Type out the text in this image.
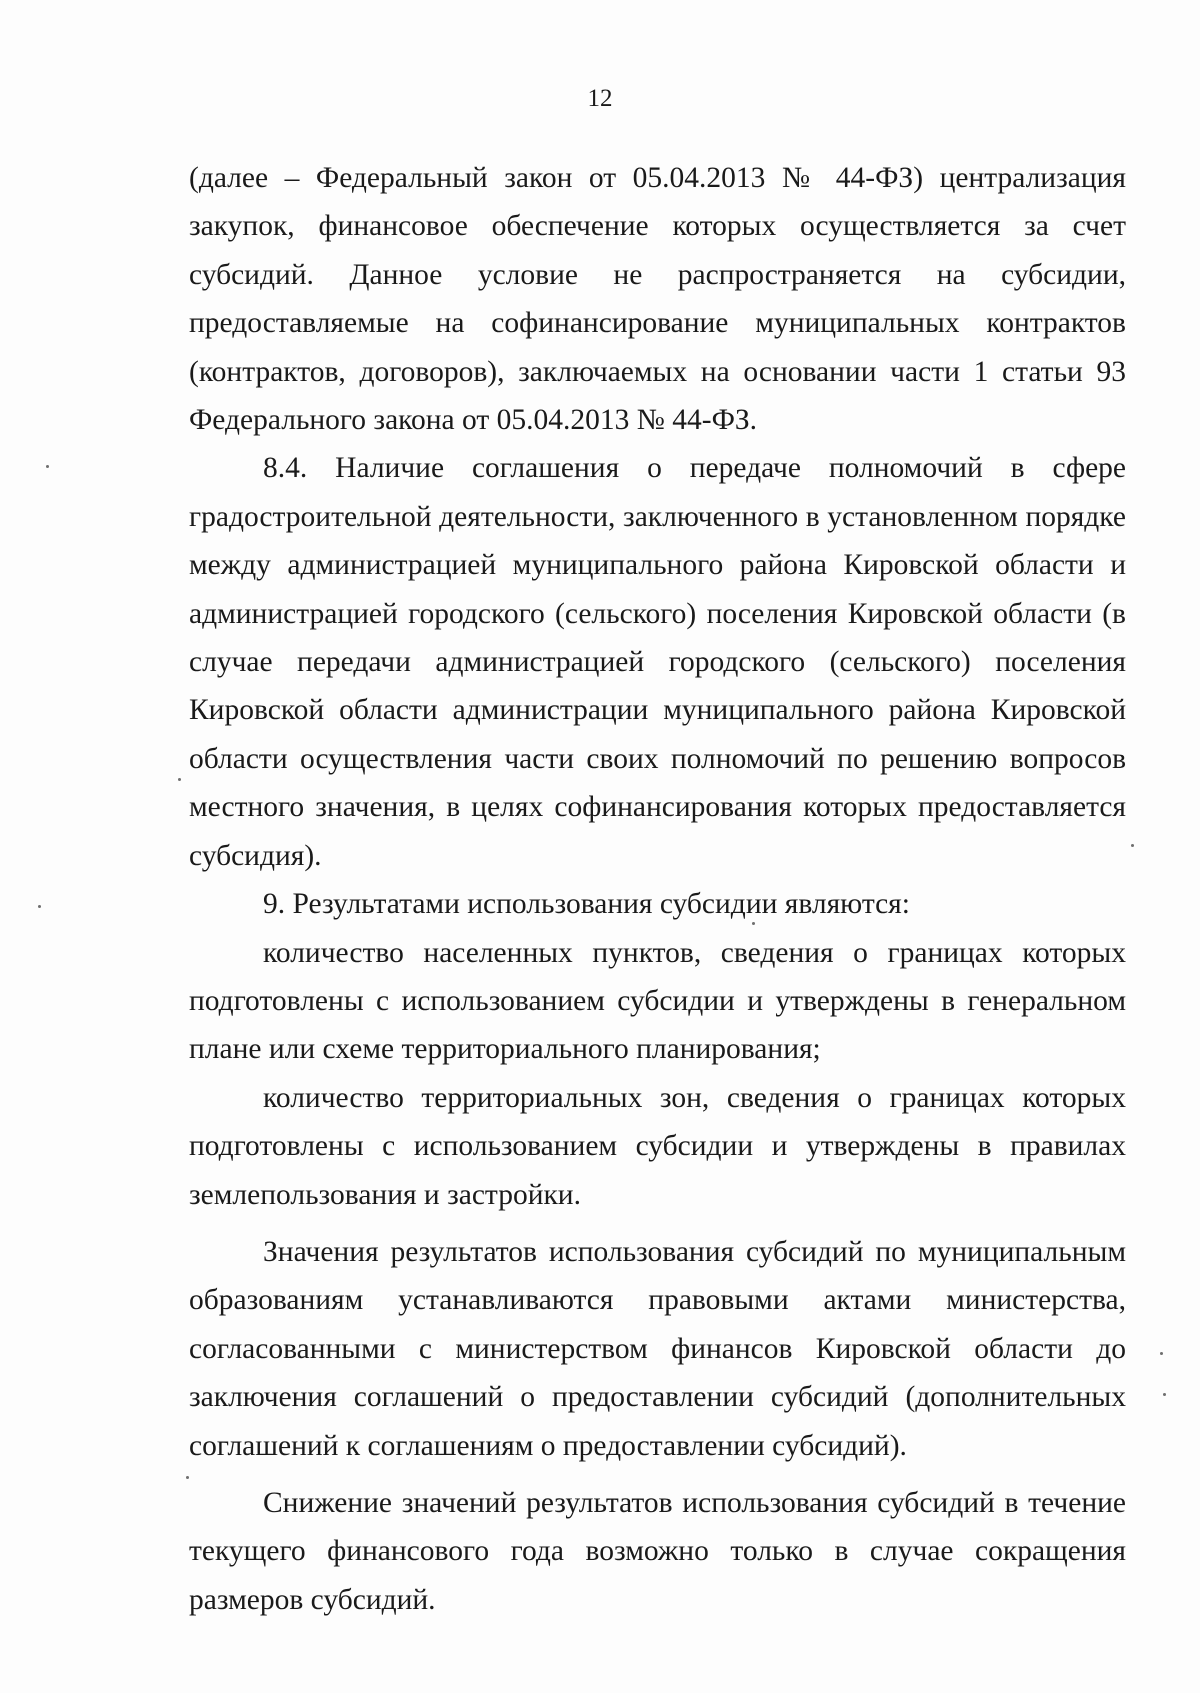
12

(далее – Федеральный закон от 05.04.2013 № 44-ФЗ) централизация закупок, финансовое обеспечение которых осуществляется за счет субсидий. Данное условие не распространяется на субсидии, предоставляемые на софинансирование муниципальных контрактов (контрактов, договоров), заключаемых на основании части 1 статьи 93 Федерального закона от 05.04.2013 № 44-ФЗ.

8.4. Наличие соглашения о передаче полномочий в сфере градостроительной деятельности, заключенного в установленном порядке между администрацией муниципального района Кировской области и администрацией городского (сельского) поселения Кировской области (в случае передачи администрацией городского (сельского) поселения Кировской области администрации муниципального района Кировской области осуществления части своих полномочий по решению вопросов местного значения, в целях софинансирования которых предоставляется субсидия).

9. Результатами использования субсидии являются:

количество населенных пунктов, сведения о границах которых подготовлены с использованием субсидии и утверждены в генеральном плане или схеме территориального планирования;

количество территориальных зон, сведения о границах которых подготовлены с использованием субсидии и утверждены в правилах землепользования и застройки.

Значения результатов использования субсидий по муниципальным образованиям устанавливаются правовыми актами министерства, согласованными с министерством финансов Кировской области до заключения соглашений о предоставлении субсидий (дополнительных соглашений к соглашениям о предоставлении субсидий).

Снижение значений результатов использования субсидий в течение текущего финансового года возможно только в случае сокращения размеров субсидий.
